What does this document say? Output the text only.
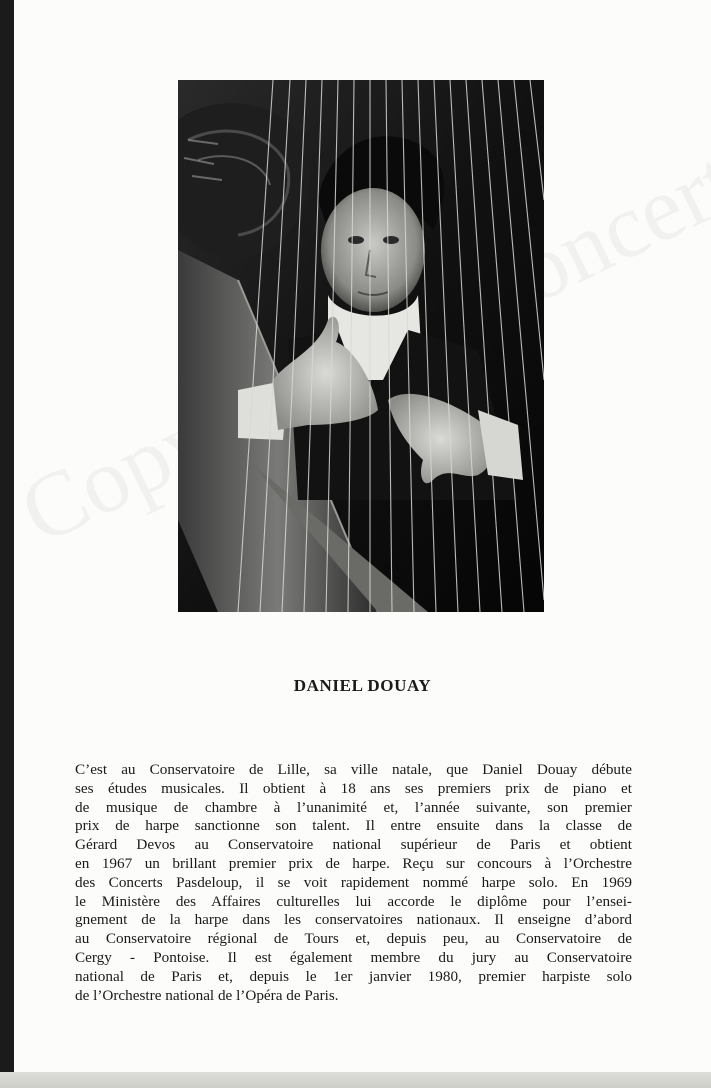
DANIEL DOUAY

C’est au Conservatoire de Lille, sa ville natale, que Daniel Douay débute
ses études musicales. Il obtient à 18 ans ses premiers prix de piano et
de musique de chambre à l’unanimité et, l’année suivante, son premier
prix de harpe sanctionne son talent. Il entre ensuite dans la classe de
Gérard Devos au Conservatoire national supérieur de Paris et obtient
en 1967 un brillant premier prix de harpe. Reçu sur concours à l’Orchestre
des Concerts Pasdeloup, il se voit rapidement nommé harpe solo. En 1969
le Ministère des Affaires culturelles lui accorde le diplôme pour l’ensei-
gnement de la harpe dans les conservatoires nationaux. Il enseigne d’abord
au Conservatoire régional de Tours et, depuis peu, au Conservatoire de
Cergy - Pontoise. Il est également membre du jury au Conservatoire
national de Paris et, depuis le 1er janvier 1980, premier harpiste solo
de l’Orchestre national de l’Opéra de Paris.
